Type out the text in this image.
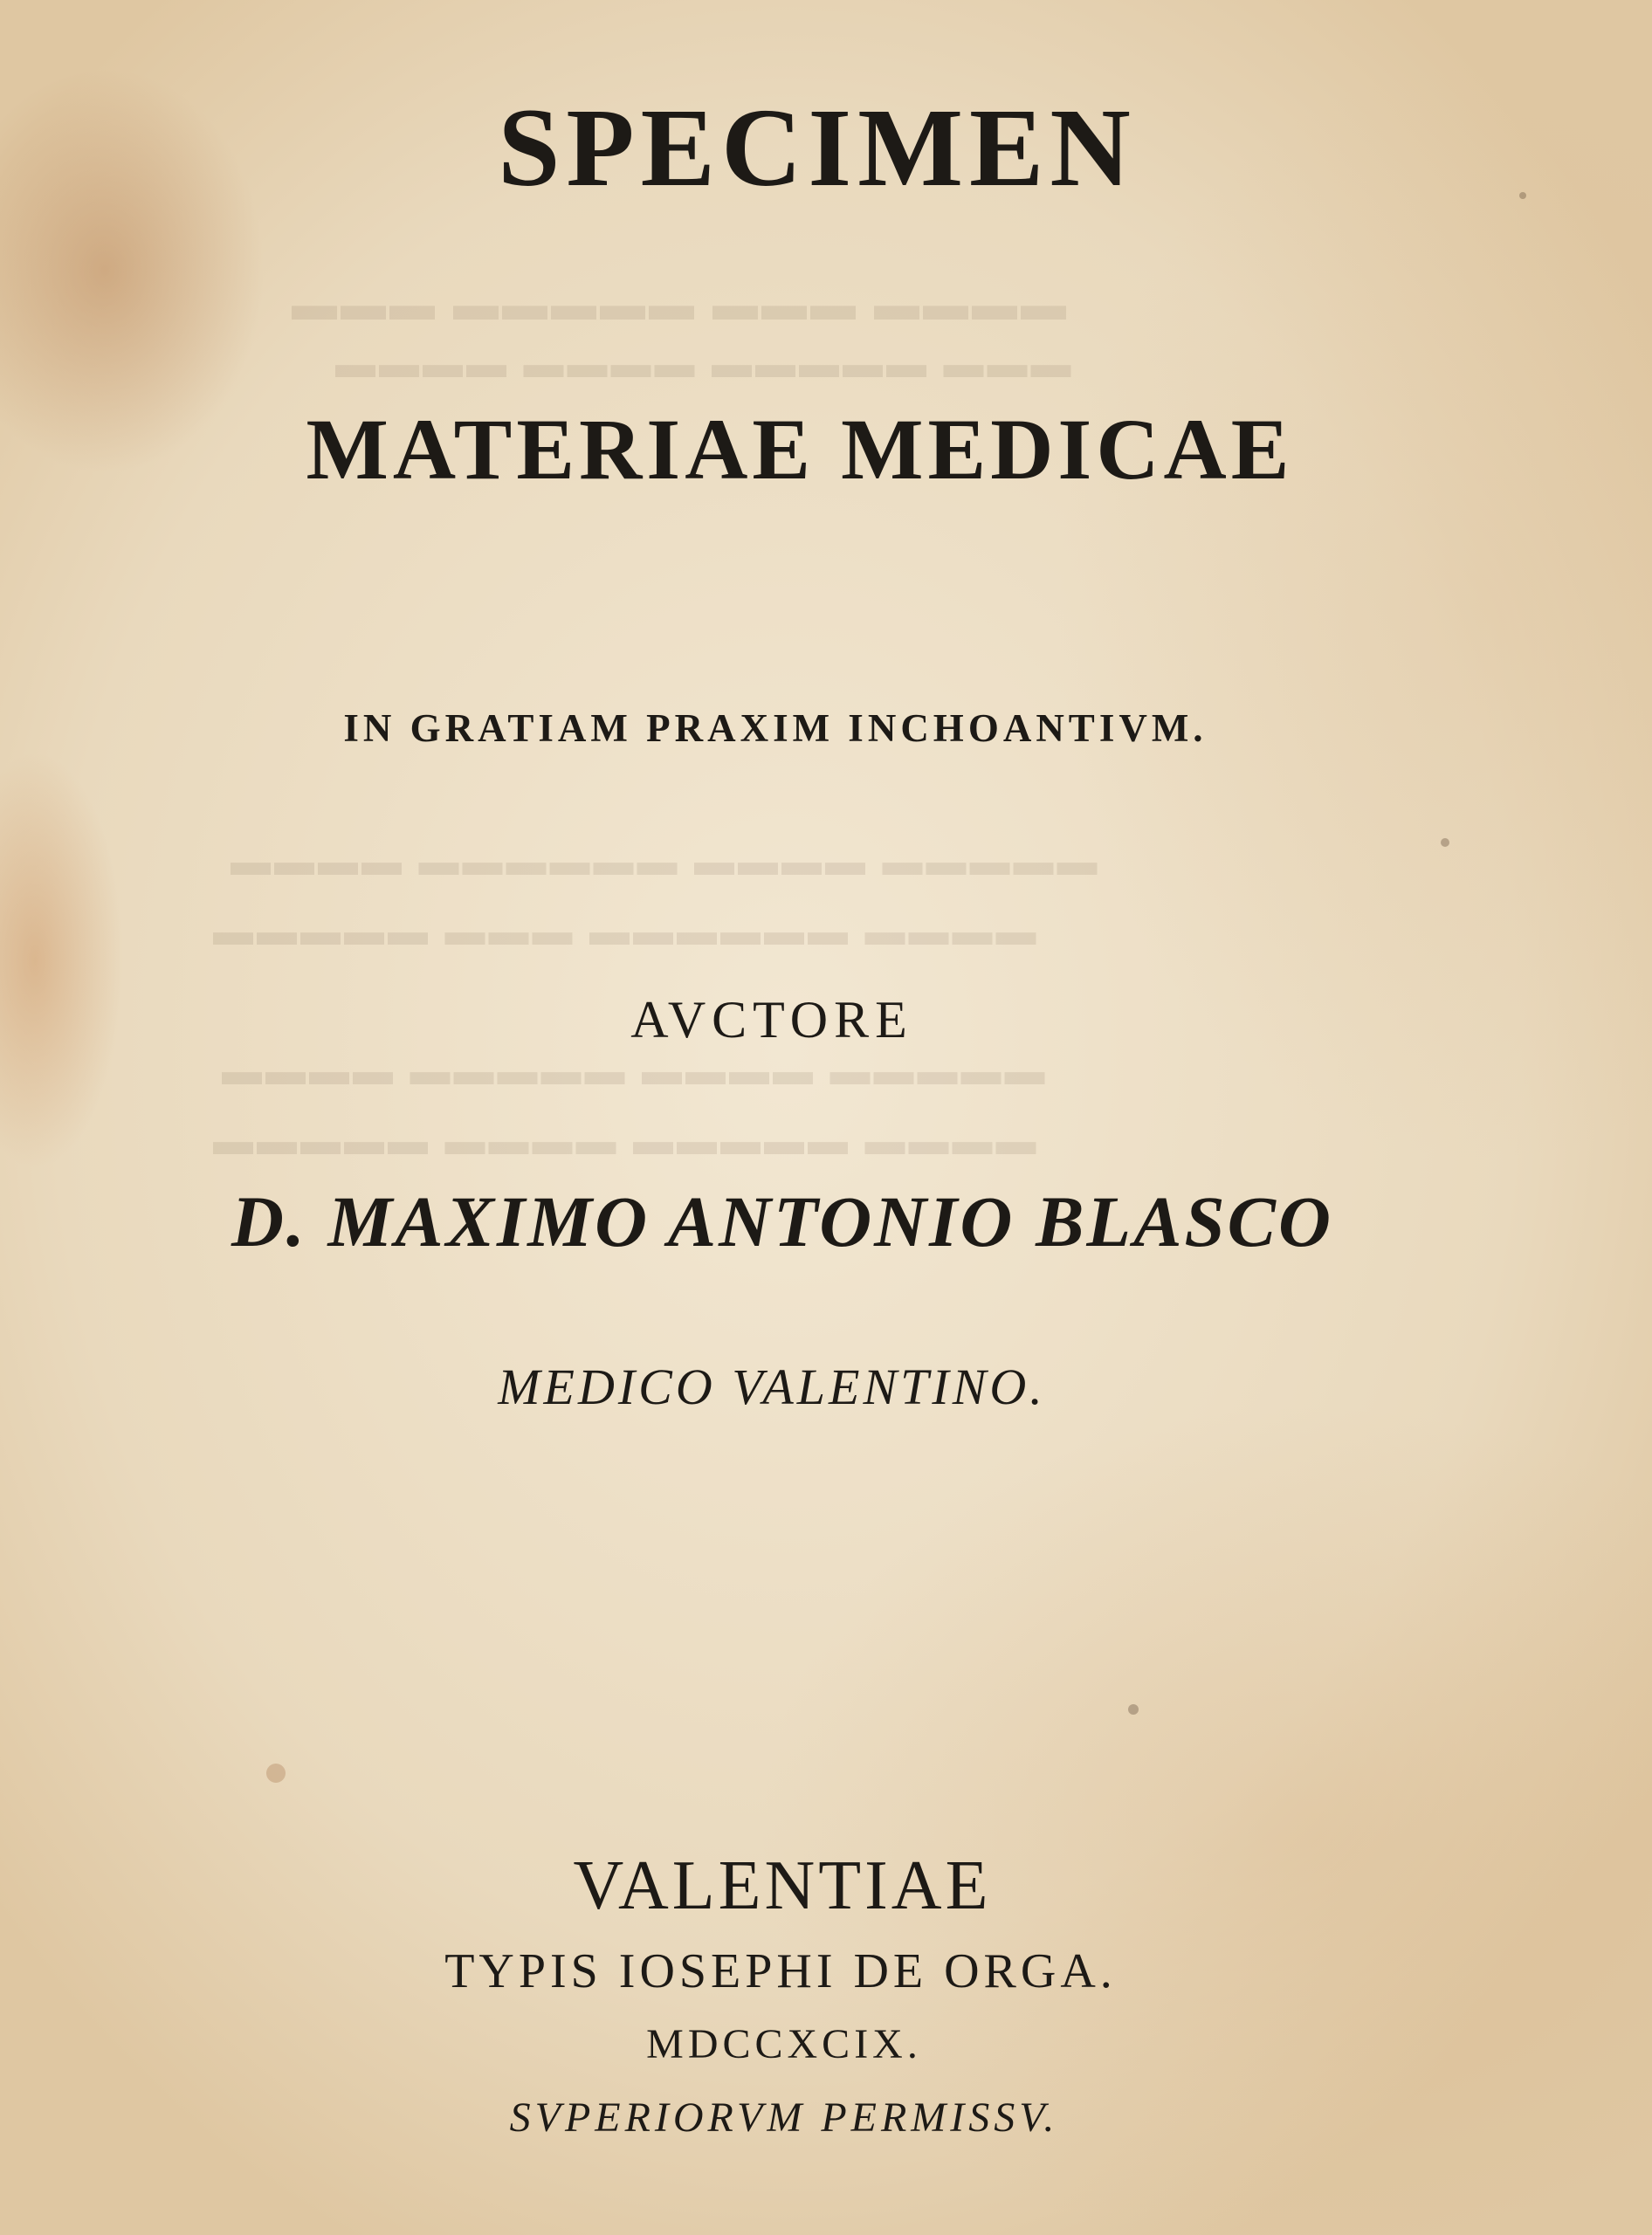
▬▬▬▬ ▬▬▬ ▬▬▬▬▬ ▬▬▬
▬▬▬ ▬▬▬▬▬ ▬▬▬▬ ▬▬▬▬
▬▬▬▬▬ ▬▬▬▬ ▬▬▬▬▬▬ ▬▬▬▬
▬▬▬▬ ▬▬▬▬▬▬ ▬▬▬ ▬▬▬▬▬
▬▬▬▬▬ ▬▬▬▬ ▬▬▬▬▬ ▬▬▬▬
▬▬▬▬ ▬▬▬▬▬ ▬▬▬▬ ▬▬▬▬▬
SPECIMEN
MATERIAE MEDICAE
IN GRATIAM PRAXIM INCHOANTIVM.
AVCTORE
D. MAXIMO ANTONIO BLASCO
MEDICO VALENTINO.
VALENTIAE
TYPIS IOSEPHI DE ORGA.
MDCCXCIX.
SVPERIORVM PERMISSV.
